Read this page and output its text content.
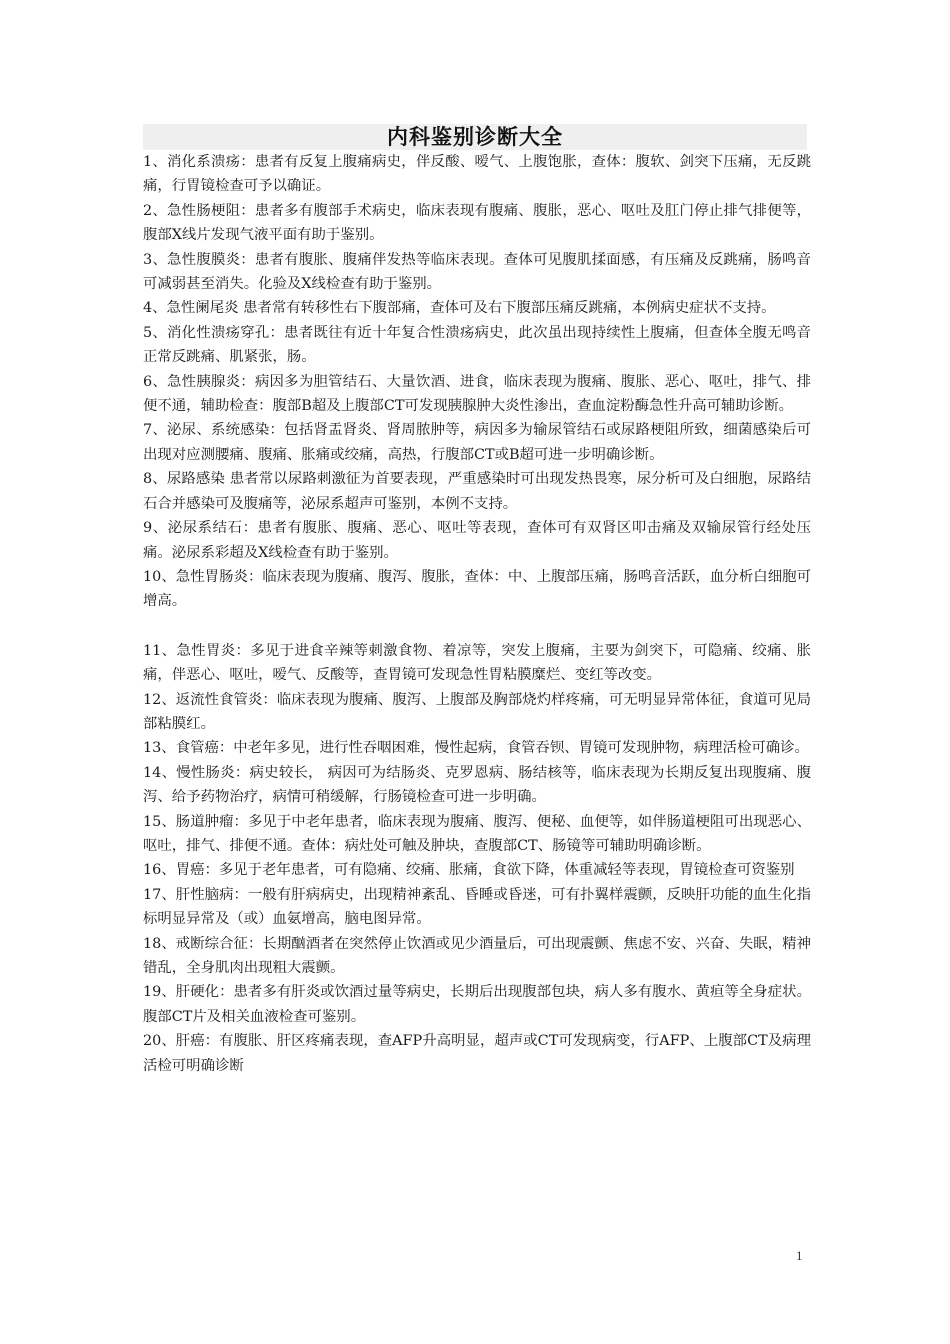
内科鉴别诊断大全

1、消化系溃疡：患者有反复上腹痛病史，伴反酸、嗳气、上腹饱胀，查体：腹软、剑突下压痛，无反跳痛，行胃镜检查可予以确证。

2、急性肠梗阻：患者多有腹部手术病史，临床表现有腹痛、腹胀，恶心、呕吐及肛门停止排气排便等，腹部X线片发现气液平面有助于鉴别。

3、急性腹膜炎：患者有腹胀、腹痛伴发热等临床表现。查体可见腹肌揉面感，有压痛及反跳痛，肠鸣音可减弱甚至消失。化验及X线检查有助于鉴别。

4、急性阑尾炎 患者常有转移性右下腹部痛，查体可及右下腹部压痛反跳痛，本例病史症状不支持。

5、消化性溃疡穿孔：患者既往有近十年复合性溃疡病史，此次虽出现持续性上腹痛，但查体全腹无鸣音正常反跳痛、肌紧张，肠。

6、急性胰腺炎：病因多为胆管结石、大量饮酒、进食，临床表现为腹痛、腹胀、恶心、呕吐，排气、排便不通，辅助检查：腹部B超及上腹部CT可发现胰腺肿大炎性渗出，查血淀粉酶急性升高可辅助诊断。

7、泌尿、系统感染：包括肾盂肾炎、肾周脓肿等，病因多为输尿管结石或尿路梗阻所致，细菌感染后可出现对应测腰痛、腹痛、胀痛或绞痛，高热，行腹部CT或B超可进一步明确诊断。

8、尿路感染 患者常以尿路刺激征为首要表现，严重感染时可出现发热畏寒，尿分析可及白细胞，尿路结石合并感染可及腹痛等，泌尿系超声可鉴别，本例不支持。

9、泌尿系结石：患者有腹胀、腹痛、恶心、呕吐等表现，查体可有双肾区叩击痛及双输尿管行经处压痛。泌尿系彩超及X线检查有助于鉴别。

10、急性胃肠炎：临床表现为腹痛、腹泻、腹胀，查体：中、上腹部压痛，肠鸣音活跃，血分析白细胞可增高。

11、急性胃炎：多见于进食辛辣等刺激食物、着凉等，突发上腹痛，主要为剑突下，可隐痛、绞痛、胀痛，伴恶心、呕吐，嗳气、反酸等，查胃镜可发现急性胃粘膜糜烂、变红等改变。

12、返流性食管炎：临床表现为腹痛、腹泻、上腹部及胸部烧灼样疼痛，可无明显异常体征，食道可见局部粘膜红。

13、食管癌：中老年多见，进行性吞咽困难，慢性起病，食管吞钡、胃镜可发现肿物，病理活检可确诊。

14、慢性肠炎：病史较长， 病因可为结肠炎、克罗恩病、肠结核等，临床表现为长期反复出现腹痛、腹泻、给予药物治疗，病情可稍缓解，行肠镜检查可进一步明确。

15、肠道肿瘤：多见于中老年患者，临床表现为腹痛、腹泻、便秘、血便等，如伴肠道梗阻可出现恶心、呕吐，排气、排便不通。查体：病灶处可触及肿块，查腹部CT、肠镜等可辅助明确诊断。

16、胃癌：多见于老年患者，可有隐痛、绞痛、胀痛，食欲下降，体重减轻等表现，胃镜检查可资鉴别

17、肝性脑病：一般有肝病病史，出现精神紊乱、昏睡或昏迷，可有扑翼样震颤，反映肝功能的血生化指标明显异常及（或）血氨增高，脑电图异常。

18、戒断综合征：长期酗酒者在突然停止饮酒或见少酒量后，可出现震颤、焦虑不安、兴奋、失眠，精神错乱，全身肌肉出现粗大震颤。

19、肝硬化：患者多有肝炎或饮酒过量等病史，长期后出现腹部包块，病人多有腹水、黄疸等全身症状。腹部CT片及相关血液检查可鉴别。

20、肝癌：有腹胀、肝区疼痛表现，查AFP升高明显，超声或CT可发现病变，行AFP、上腹部CT及病理活检可明确诊断

1
